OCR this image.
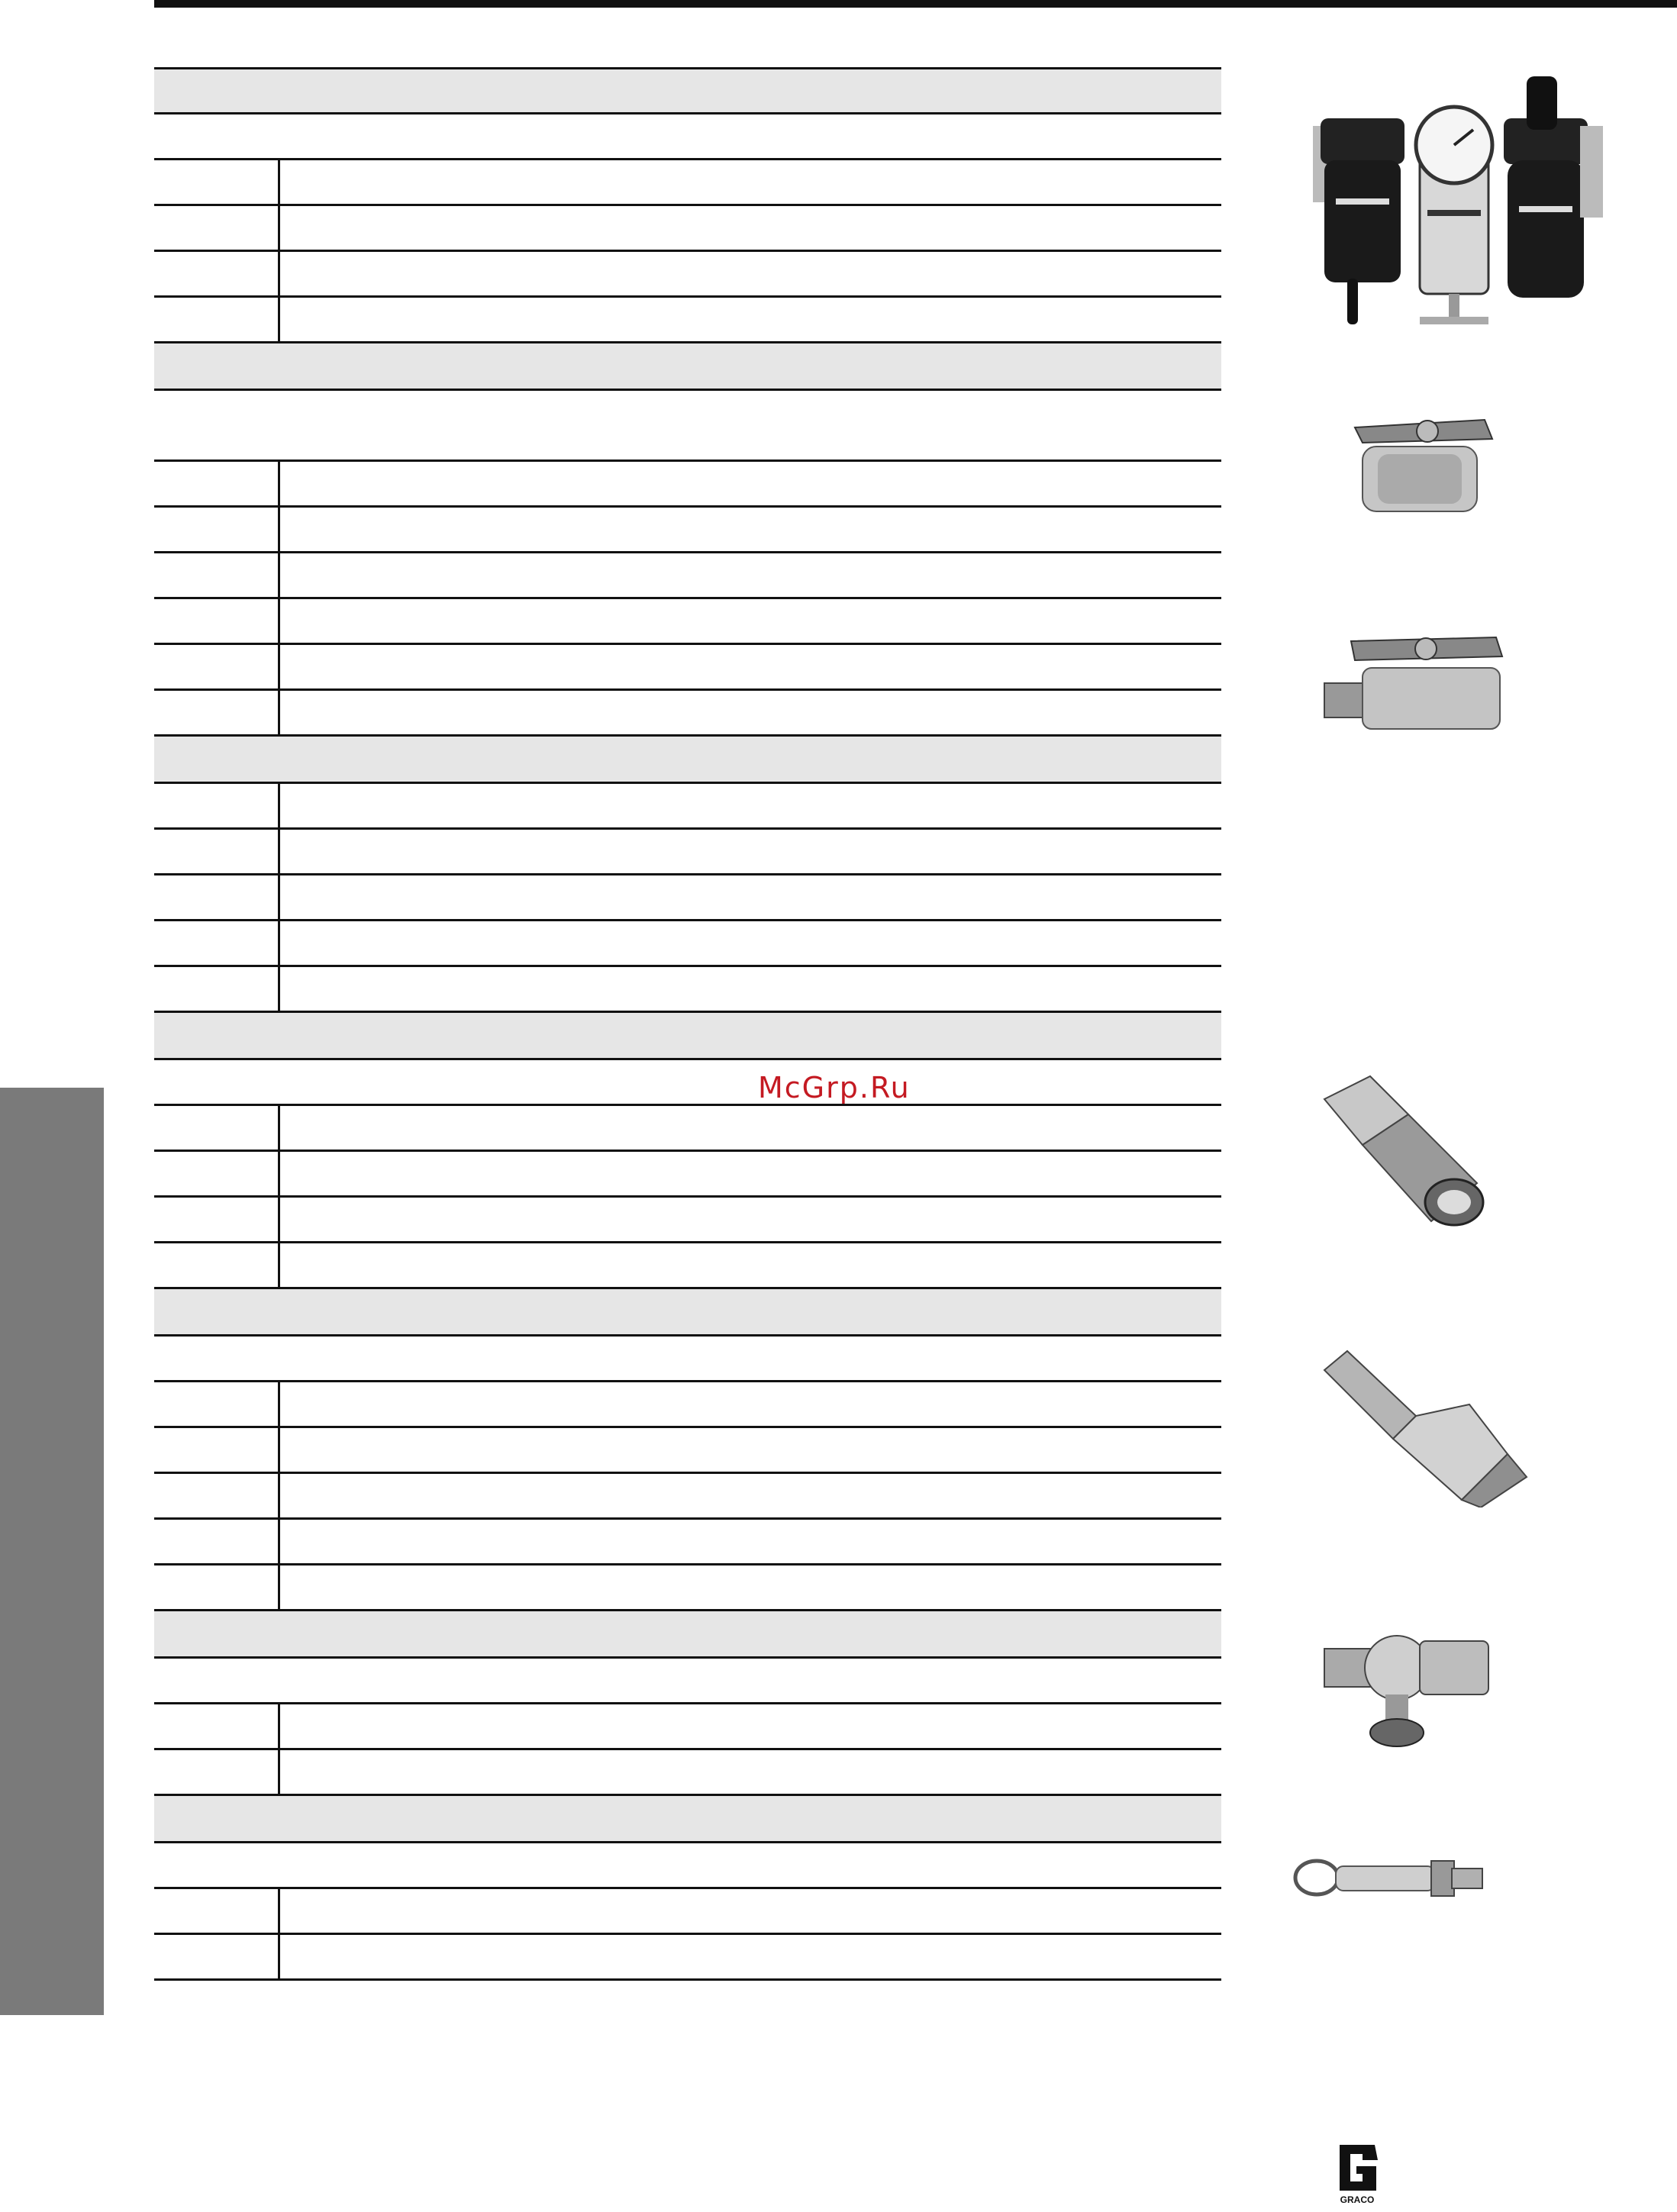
McGrp.Ru
GRACO
